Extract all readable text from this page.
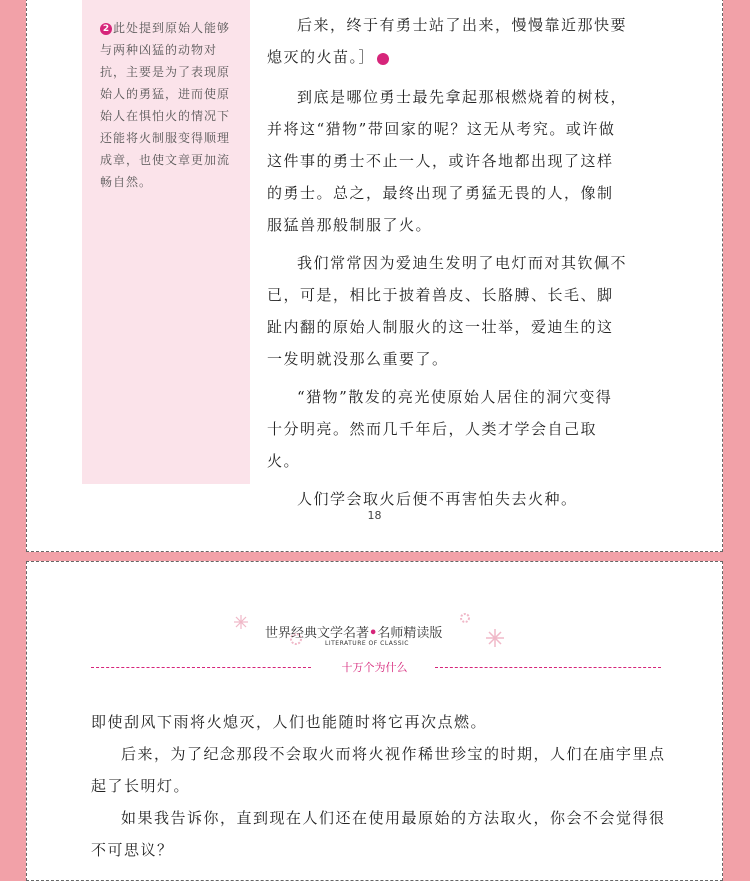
2 此处提到原始人能够与两种凶猛的动物对抗，主要是为了表现原始人的勇猛，进而使原始人在惧怕火的情况下还能将火制服变得顺理成章，也使文章更加流畅自然。

后来，终于有勇士站了出来，慢慢靠近那快要熄灭的火苗。］	2

到底是哪位勇士最先拿起那根燃烧着的树枝，并将这“猎物”带回家的呢？这无从考究。或许做这件事的勇士不止一人，或许各地都出现了这样的勇士。总之，最终出现了勇猛无畏的人，像制服猛兽那般制服了火。

我们常常因为爱迪生发明了电灯而对其钦佩不已，可是，相比于披着兽皮、长胳膊、长毛、脚趾内翻的原始人制服火的这一壮举，爱迪生的这一发明就没那么重要了。

“猎物”散发的亮光使原始人居住的洞穴变得十分明亮。然而几千年后，人类才学会自己取火。

人们学会取火后便不再害怕失去火种。

18
世界经典文学名著•名师精读版
LITERATURE OF CLASSIC
十万个为什么

即使刮风下雨将火熄灭，人们也能随时将它再次点燃。

后来，为了纪念那段不会取火而将火视作稀世珍宝的时期，人们在庙宇里点起了长明灯。

如果我告诉你，直到现在人们还在使用最原始的方法取火，你会不会觉得很不可思议？
